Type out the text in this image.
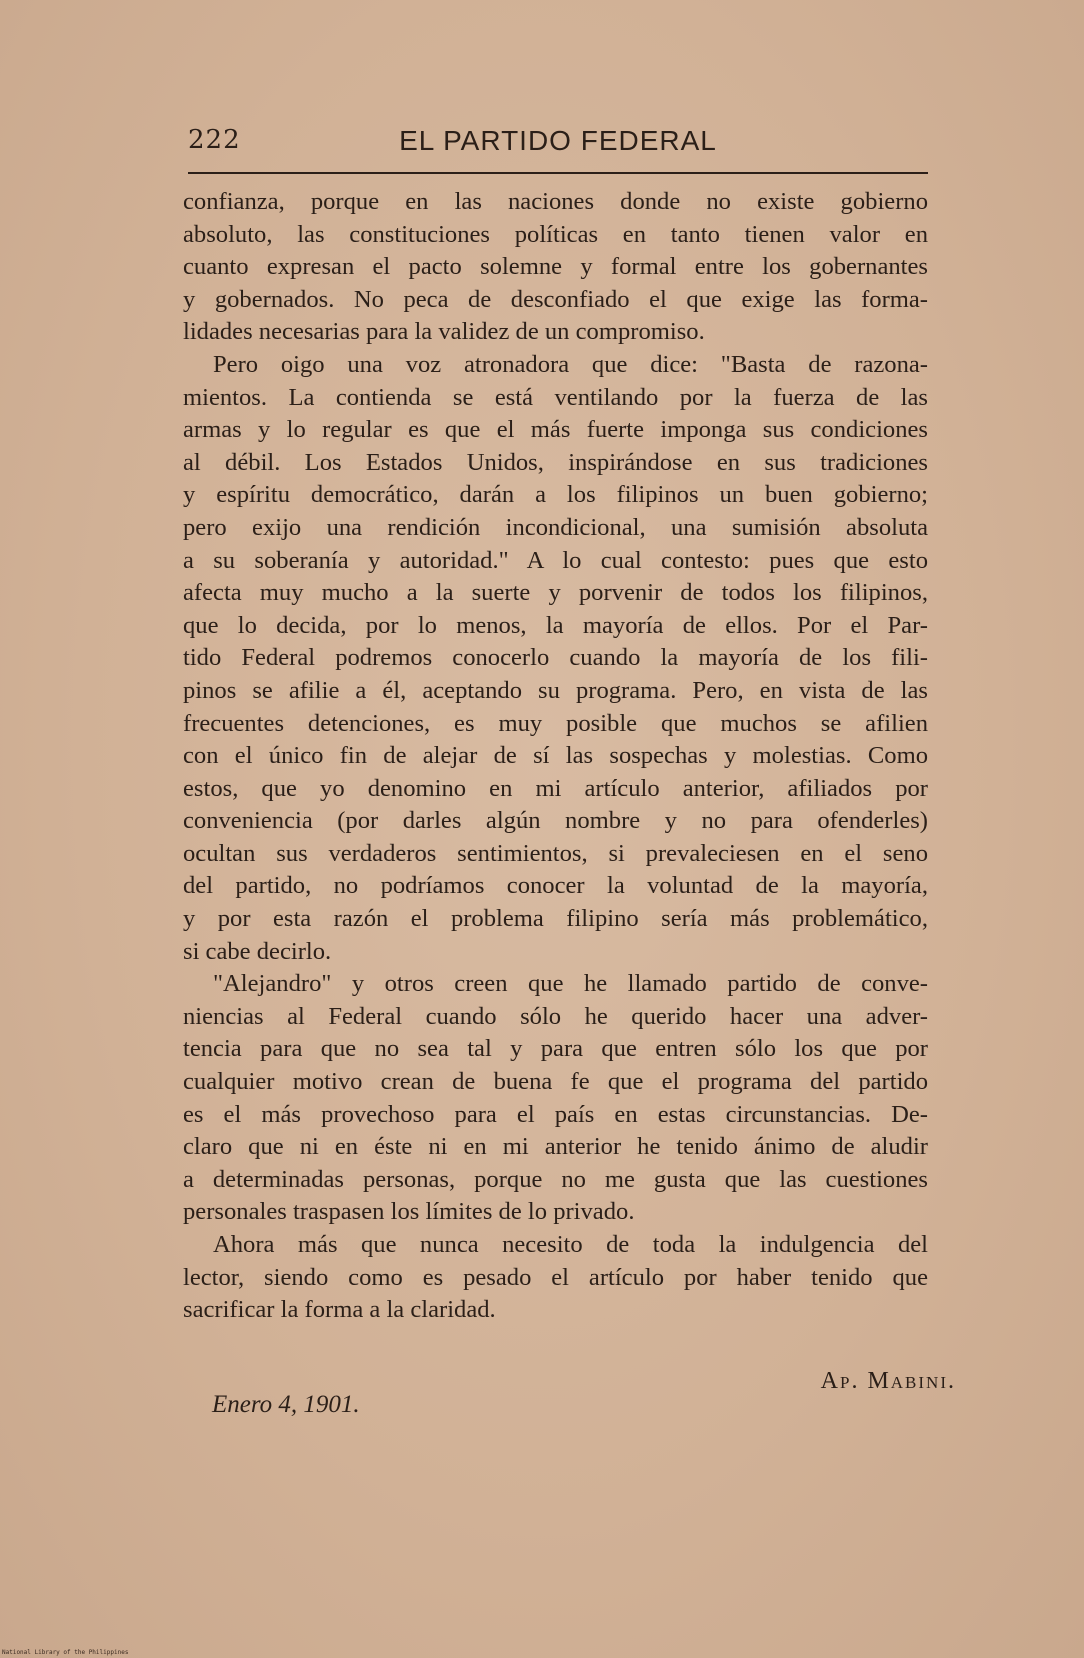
222	EL PARTIDO FEDERAL
confianza, porque en las naciones donde no existe gobierno
absoluto, las constituciones políticas en tanto tienen valor en
cuanto expresan el pacto solemne y formal entre los gobernantes
y gobernados. No peca de desconfiado el que exige las forma-
lidades necesarias para la validez de un compromiso.
Pero oigo una voz atronadora que dice: "Basta de razona-
mientos. La contienda se está ventilando por la fuerza de las
armas y lo regular es que el más fuerte imponga sus condiciones
al débil. Los Estados Unidos, inspirándose en sus tradiciones
y espíritu democrático, darán a los filipinos un buen gobierno;
pero exijo una rendición incondicional, una sumisión absoluta
a su soberanía y autoridad." A lo cual contesto: pues que esto
afecta muy mucho a la suerte y porvenir de todos los filipinos,
que lo decida, por lo menos, la mayoría de ellos. Por el Par-
tido Federal podremos conocerlo cuando la mayoría de los fili-
pinos se afilie a él, aceptando su programa. Pero, en vista de las
frecuentes detenciones, es muy posible que muchos se afilien
con el único fin de alejar de sí las sospechas y molestias. Como
estos, que yo denomino en mi artículo anterior, afiliados por
conveniencia (por darles algún nombre y no para ofenderles)
ocultan sus verdaderos sentimientos, si prevaleciesen en el seno
del partido, no podríamos conocer la voluntad de la mayoría,
y por esta razón el problema filipino sería más problemático,
si cabe decirlo.
"Alejandro" y otros creen que he llamado partido de conve-
niencias al Federal cuando sólo he querido hacer una adver-
tencia para que no sea tal y para que entren sólo los que por
cualquier motivo crean de buena fe que el programa del partido
es el más provechoso para el país en estas circunstancias. De-
claro que ni en éste ni en mi anterior he tenido ánimo de aludir
a determinadas personas, porque no me gusta que las cuestiones
personales traspasen los límites de lo privado.
Ahora más que nunca necesito de toda la indulgencia del
lector, siendo como es pesado el artículo por haber tenido que
sacrificar la forma a la claridad.
Ap. Mabini.
Enero 4, 1901.
National Library of the Philippines
